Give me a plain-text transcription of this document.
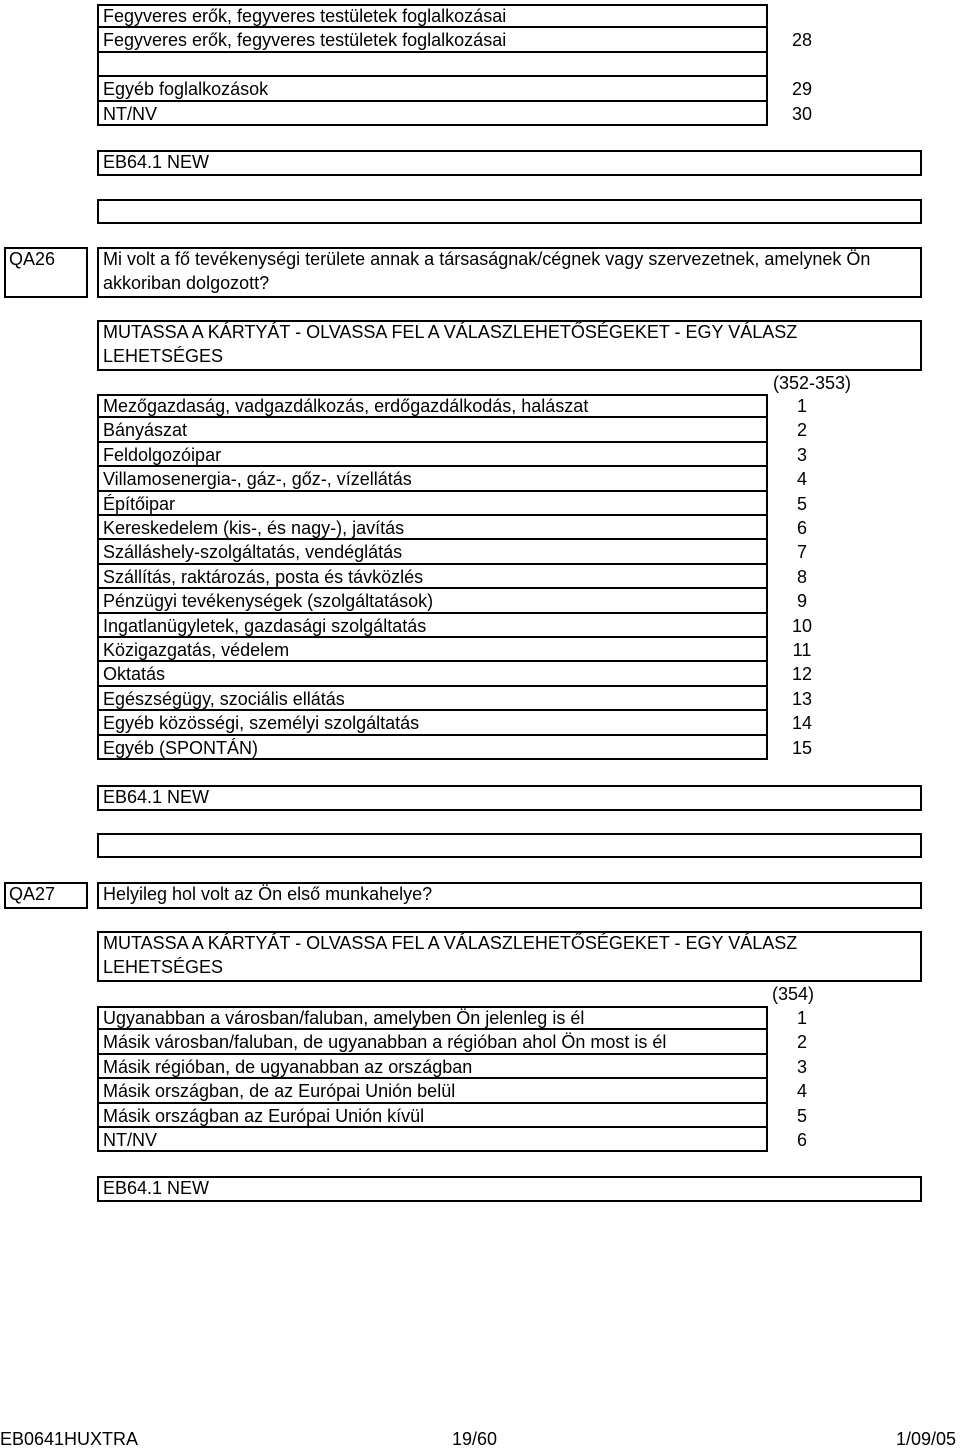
Fegyveres erők, fegyveres testületek foglalkozásai
Fegyveres erők, fegyveres testületek foglalkozásai	28
Egyéb foglalkozások	29
NT/NV	30
EB64.1 NEW
QA26	Mi volt a fő tevékenységi területe annak a társaságnak/cégnek vagy szervezetnek, amelynek Ön akkoriban dolgozott?
MUTASSA A KÁRTYÁT - OLVASSA FEL A VÁLASZLEHETŐSÉGEKET - EGY VÁLASZ LEHETSÉGES
(352-353)
Mezőgazdaság, vadgazdálkozás, erdőgazdálkodás, halászat	1
Bányászat	2
Feldolgozóipar	3
Villamosenergia-, gáz-, gőz-, vízellátás	4
Építőipar	5
Kereskedelem (kis-, és nagy-), javítás	6
Szálláshely-szolgáltatás, vendéglátás	7
Szállítás, raktározás, posta és távközlés	8
Pénzügyi tevékenységek (szolgáltatások)	9
Ingatlanügyletek, gazdasági szolgáltatás	10
Közigazgatás, védelem	11
Oktatás	12
Egészségügy, szociális ellátás	13
Egyéb közösségi, személyi szolgáltatás	14
Egyéb (SPONTÁN)	15
EB64.1 NEW
QA27	Helyileg hol volt az Ön első munkahelye?
MUTASSA A KÁRTYÁT - OLVASSA FEL A VÁLASZLEHETŐSÉGEKET - EGY VÁLASZ LEHETSÉGES
(354)
Ugyanabban a városban/faluban, amelyben Ön jelenleg is él	1
Másik városban/faluban, de ugyanabban a régióban ahol Ön most is él	2
Másik régióban, de ugyanabban az országban	3
Másik országban, de az Európai Unión belül	4
Másik országban az Európai Unión kívül	5
NT/NV	6
EB64.1 NEW
EB0641HUXTRA	19/60	1/09/05
